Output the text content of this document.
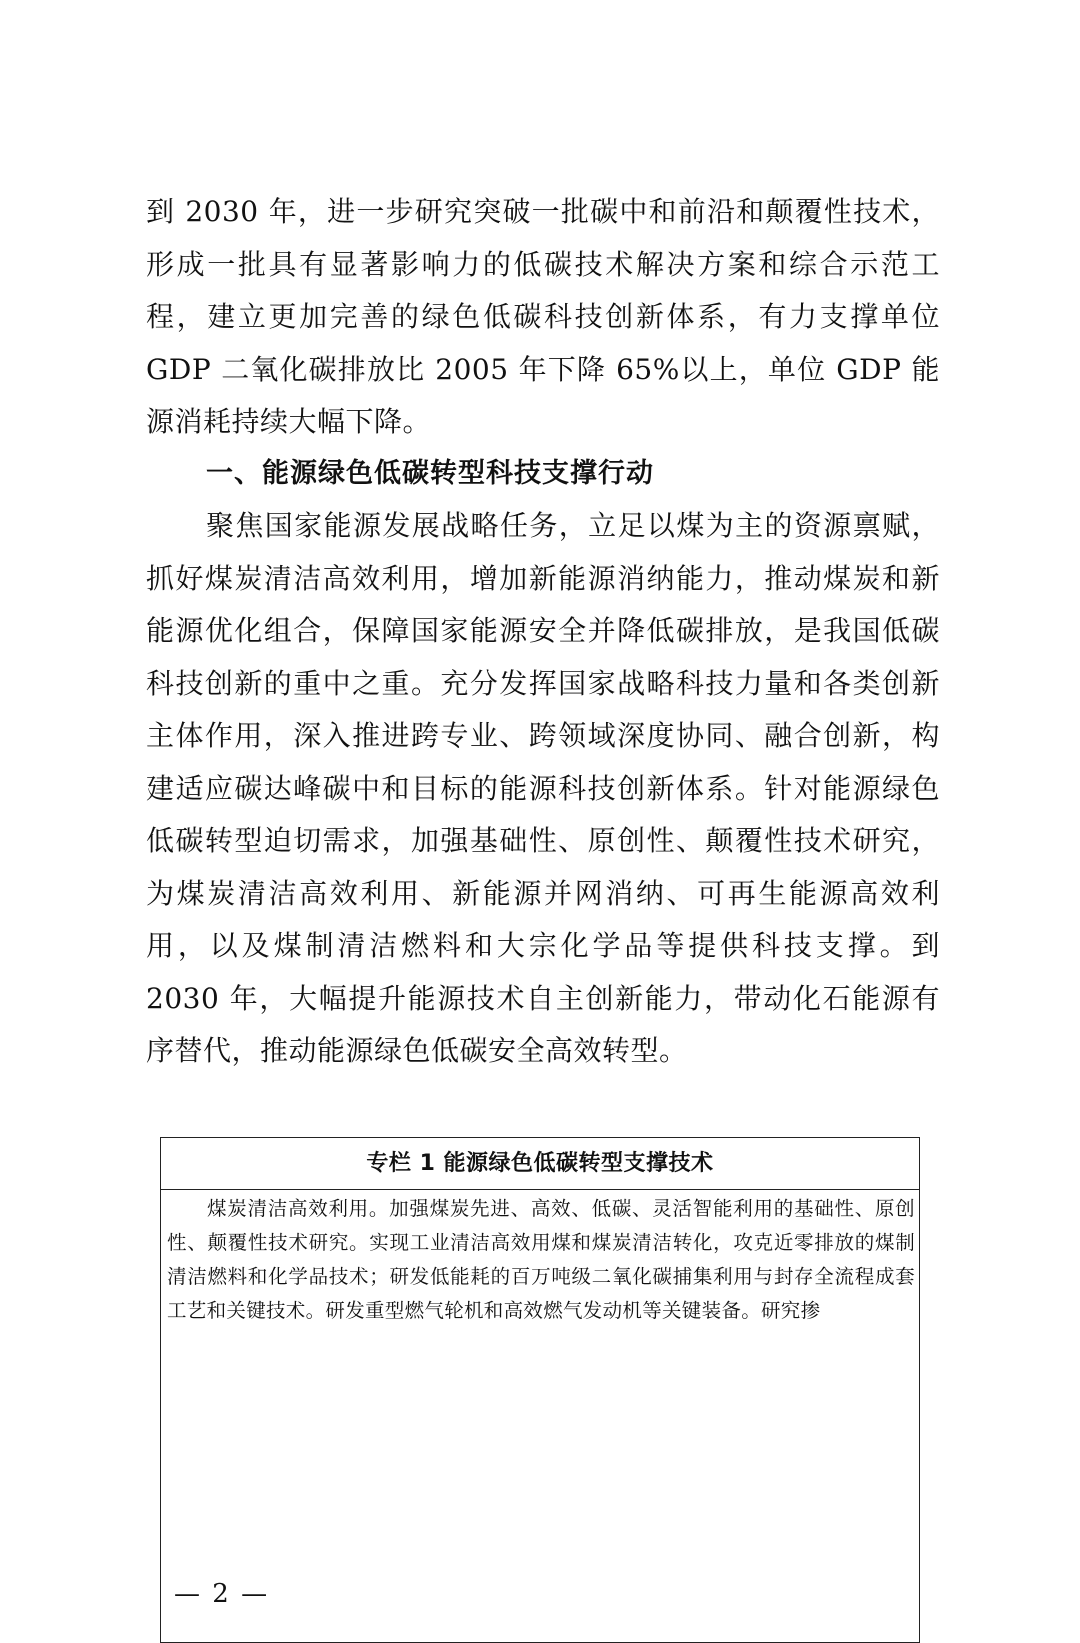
到 2030 年，进一步研究突破一批碳中和前沿和颠覆性技术，形成一批具有显著影响力的低碳技术解决方案和综合示范工程，建立更加完善的绿色低碳科技创新体系，有力支撑单位 GDP 二氧化碳排放比 2005 年下降 65%以上，单位 GDP 能源消耗持续大幅下降。

一、能源绿色低碳转型科技支撑行动

聚焦国家能源发展战略任务，立足以煤为主的资源禀赋，抓好煤炭清洁高效利用，增加新能源消纳能力，推动煤炭和新能源优化组合，保障国家能源安全并降低碳排放，是我国低碳科技创新的重中之重。充分发挥国家战略科技力量和各类创新主体作用，深入推进跨专业、跨领域深度协同、融合创新，构建适应碳达峰碳中和目标的能源科技创新体系。针对能源绿色低碳转型迫切需求，加强基础性、原创性、颠覆性技术研究，为煤炭清洁高效利用、新能源并网消纳、可再生能源高效利用，以及煤制清洁燃料和大宗化学品等提供科技支撑。到 2030 年，大幅提升能源技术自主创新能力，带动化石能源有序替代，推动能源绿色低碳安全高效转型。

专栏 1 能源绿色低碳转型支撑技术

煤炭清洁高效利用。加强煤炭先进、高效、低碳、灵活智能利用的基础性、原创性、颠覆性技术研究。实现工业清洁高效用煤和煤炭清洁转化，攻克近零排放的煤制清洁燃料和化学品技术；研发低能耗的百万吨级二氧化碳捕集利用与封存全流程成套工艺和关键技术。研发重型燃气轮机和高效燃气发动机等关键装备。研究掺

— 2 —
